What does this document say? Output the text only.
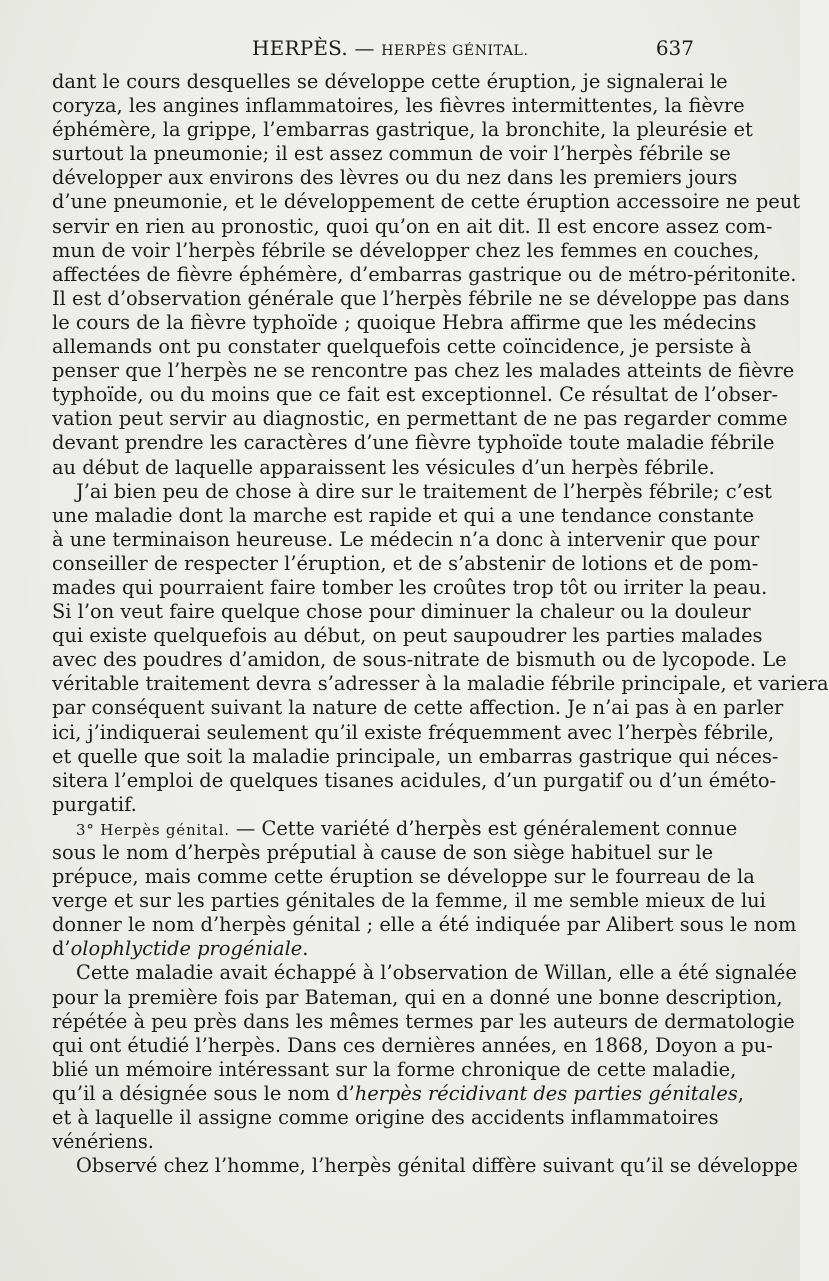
HERPÈS. — HERPÈS GÉNITAL.	637
dant le cours desquelles se développe cette éruption, je signalerai le
coryza, les angines inflammatoires, les fièvres intermittentes, la fièvre
éphémère, la grippe, l’embarras gastrique, la bronchite, la pleurésie et
surtout la pneumonie; il est assez commun de voir l’herpès fébrile se
développer aux environs des lèvres ou du nez dans les premiers jours
d’une pneumonie, et le développement de cette éruption accessoire ne peut
servir en rien au pronostic, quoi qu’on en ait dit. Il est encore assez com-
mun de voir l’herpès fébrile se développer chez les femmes en couches,
affectées de fièvre éphémère, d’embarras gastrique ou de métro-péritonite.
Il est d’observation générale que l’herpès fébrile ne se développe pas dans
le cours de la fièvre typhoïde ; quoique Hebra affirme que les médecins
allemands ont pu constater quelquefois cette coïncidence, je persiste à
penser que l’herpès ne se rencontre pas chez les malades atteints de fièvre
typhoïde, ou du moins que ce fait est exceptionnel. Ce résultat de l’obser-
vation peut servir au diagnostic, en permettant de ne pas regarder comme
devant prendre les caractères d’une fièvre typhoïde toute maladie fébrile
au début de laquelle apparaissent les vésicules d’un herpès fébrile.
J’ai bien peu de chose à dire sur le traitement de l’herpès fébrile; c’est
une maladie dont la marche est rapide et qui a une tendance constante
à une terminaison heureuse. Le médecin n’a donc à intervenir que pour
conseiller de respecter l’éruption, et de s’abstenir de lotions et de pom-
mades qui pourraient faire tomber les croûtes trop tôt ou irriter la peau.
Si l’on veut faire quelque chose pour diminuer la chaleur ou la douleur
qui existe quelquefois au début, on peut saupoudrer les parties malades
avec des poudres d’amidon, de sous-nitrate de bismuth ou de lycopode. Le
véritable traitement devra s’adresser à la maladie fébrile principale, et variera
par conséquent suivant la nature de cette affection. Je n’ai pas à en parler
ici, j’indiquerai seulement qu’il existe fréquemment avec l’herpès fébrile,
et quelle que soit la maladie principale, un embarras gastrique qui néces-
sitera l’emploi de quelques tisanes acidules, d’un purgatif ou d’un éméto-
purgatif.
3° Herpès génital. — Cette variété d’herpès est généralement connue
sous le nom d’herpès préputial à cause de son siège habituel sur le
prépuce, mais comme cette éruption se développe sur le fourreau de la
verge et sur les parties génitales de la femme, il me semble mieux de lui
donner le nom d’herpès génital ; elle a été indiquée par Alibert sous le nom
d’olophlyctide progéniale.
Cette maladie avait échappé à l’observation de Willan, elle a été signalée
pour la première fois par Bateman, qui en a donné une bonne description,
répétée à peu près dans les mêmes termes par les auteurs de dermatologie
qui ont étudié l’herpès. Dans ces dernières années, en 1868, Doyon a pu-
blié un mémoire intéressant sur la forme chronique de cette maladie,
qu’il a désignée sous le nom d’herpès récidivant des parties génitales,
et à laquelle il assigne comme origine des accidents inflammatoires
vénériens.
Observé chez l’homme, l’herpès génital diffère suivant qu’il se développe
